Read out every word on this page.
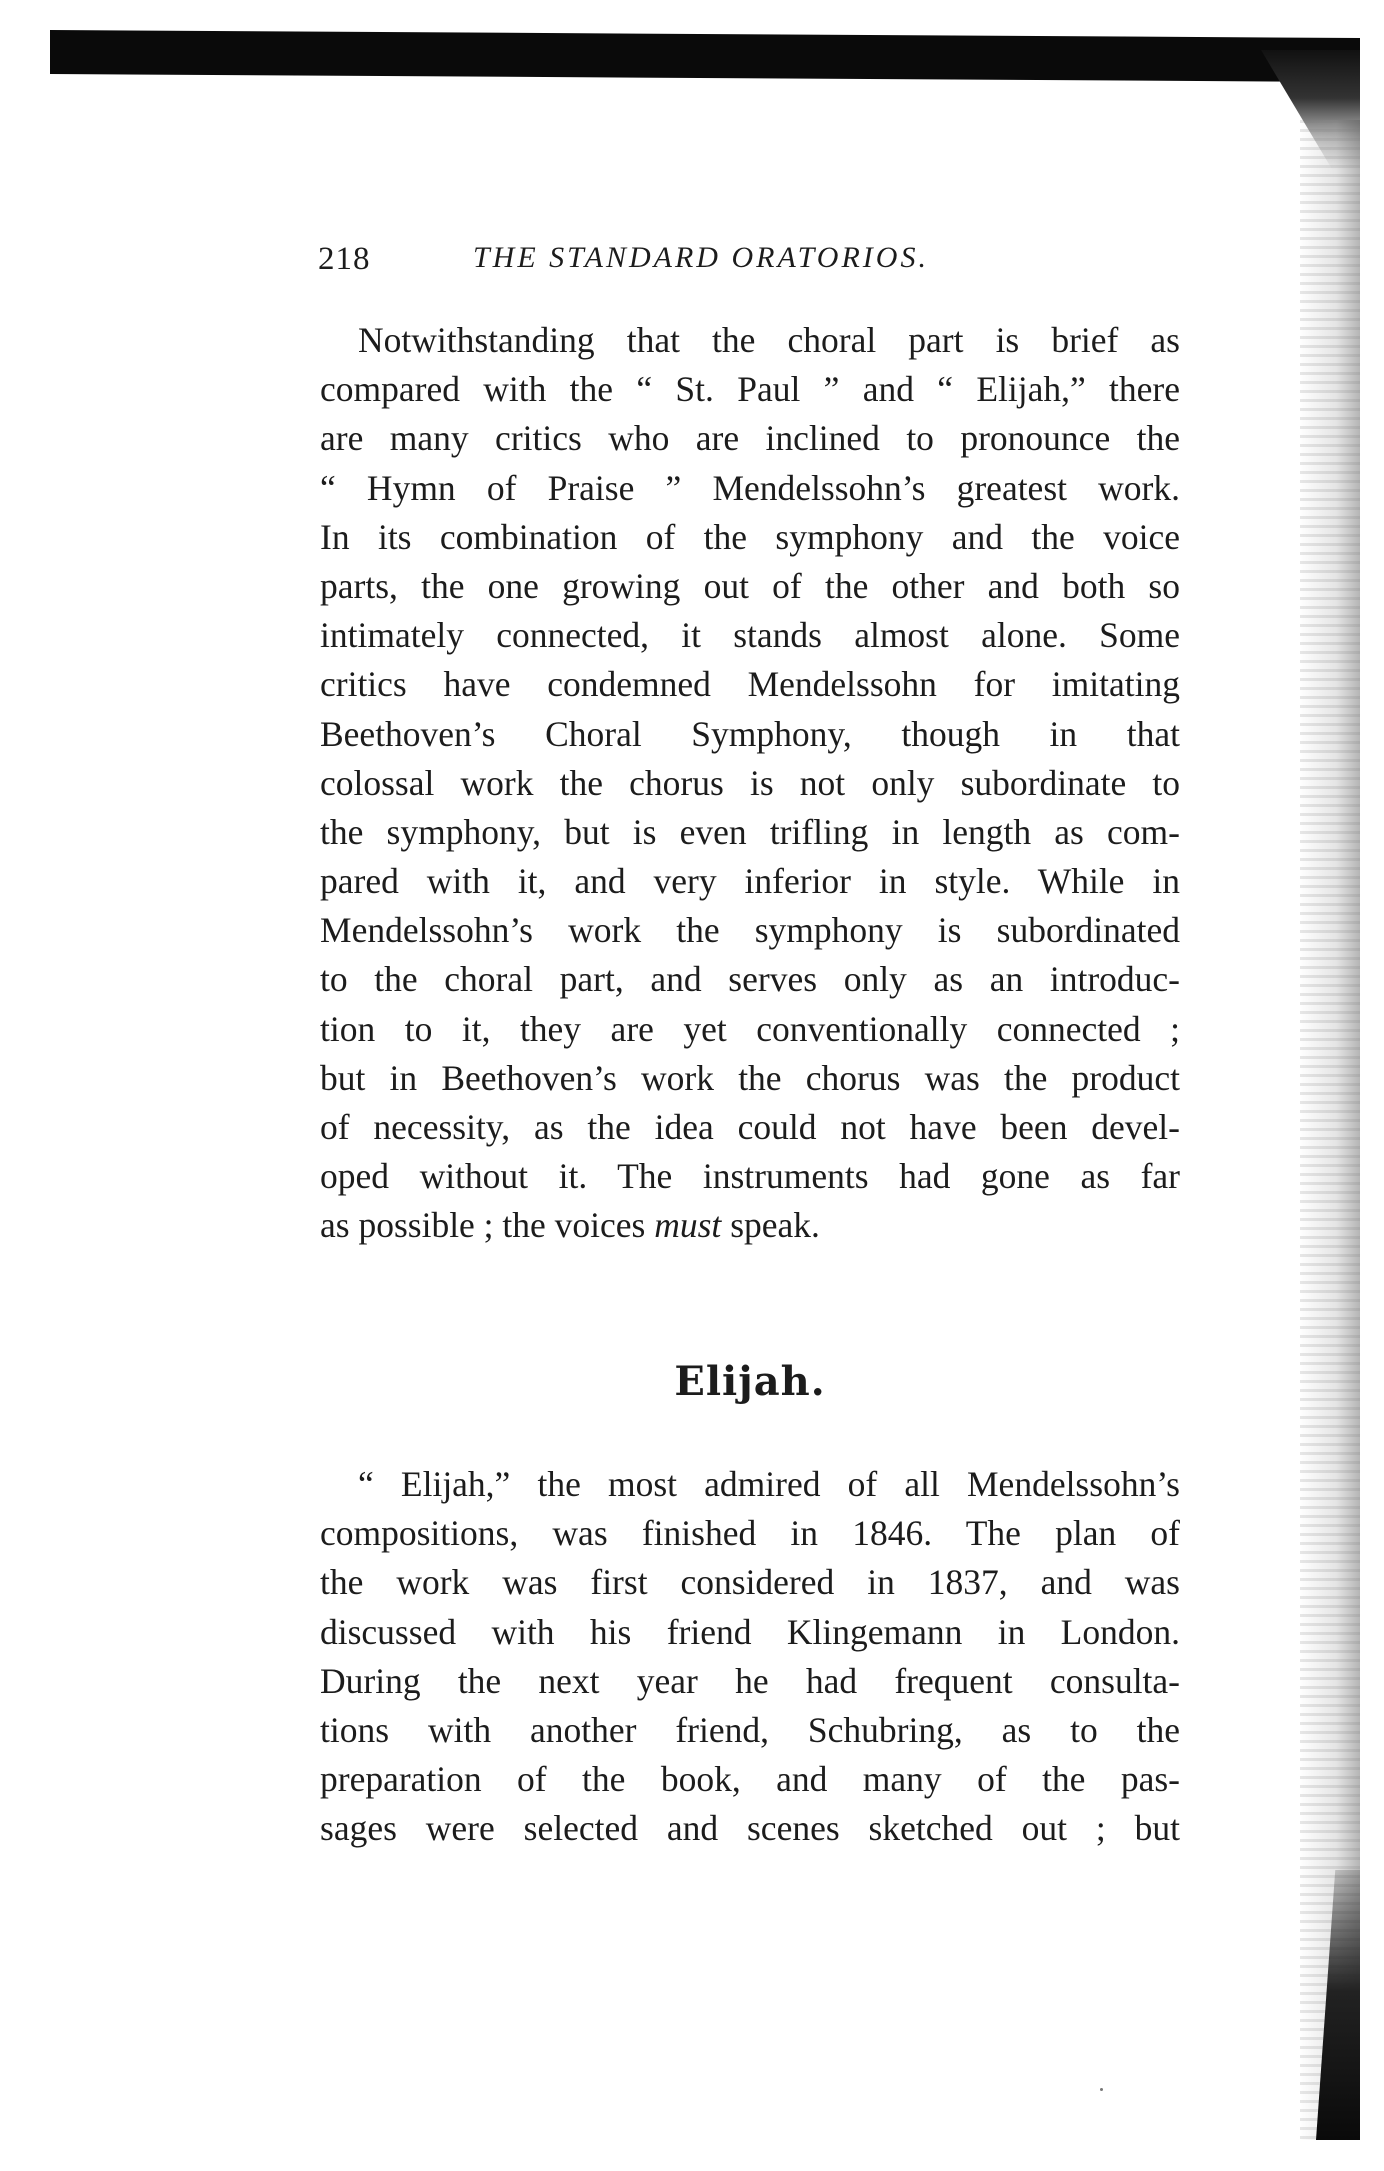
218	THE STANDARD ORATORIOS.
Notwithstanding that the choral part is brief as
compared with the “ St. Paul ” and “ Elijah,” there
are many critics who are inclined to pronounce the
“ Hymn of Praise ” Mendelssohn’s greatest work.
In its combination of the symphony and the voice
parts, the one growing out of the other and both so
intimately connected, it stands almost alone. Some
critics have condemned Mendelssohn for imitating
Beethoven’s Choral Symphony, though in that
colossal work the chorus is not only subordinate to
the symphony, but is even trifling in length as com-
pared with it, and very inferior in style. While in
Mendelssohn’s work the symphony is subordinated
to the choral part, and serves only as an introduc-
tion to it, they are yet conventionally connected ;
but in Beethoven’s work the chorus was the product
of necessity, as the idea could not have been devel-
oped without it. The instruments had gone as far
as possible ; the voices must speak.
Elijah.
“ Elijah,” the most admired of all Mendelssohn’s
compositions, was finished in 1846. The plan of
the work was first considered in 1837, and was
discussed with his friend Klingemann in London.
During the next year he had frequent consulta-
tions with another friend, Schubring, as to the
preparation of the book, and many of the pas-
sages were selected and scenes sketched out ; but
